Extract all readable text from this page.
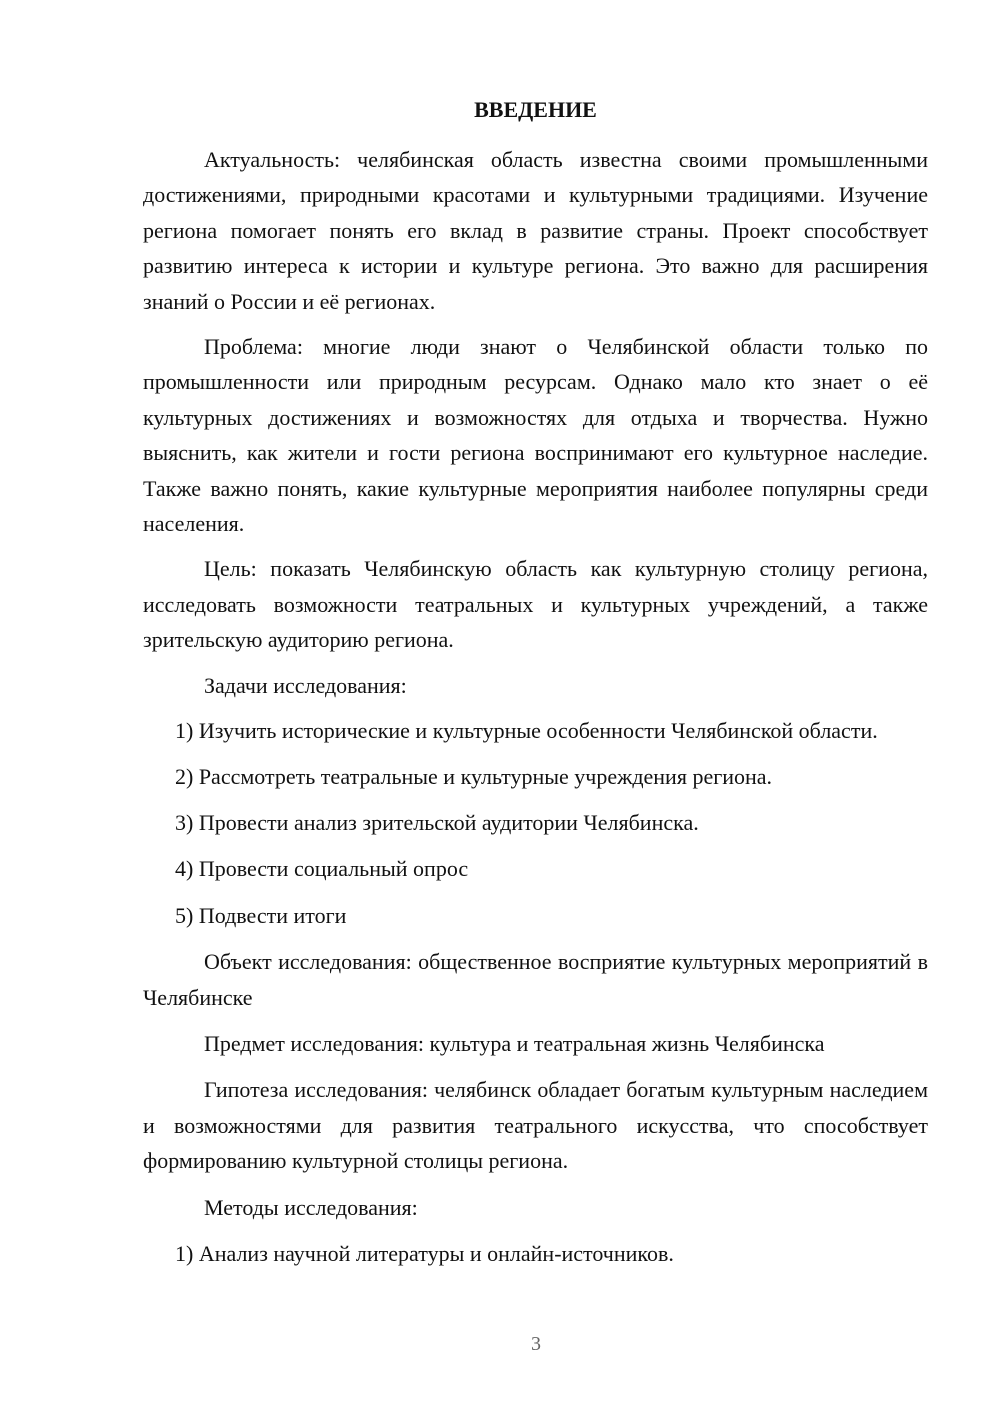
ВВЕДЕНИЕ

Актуальность: челябинская область известна своими промышленными достижениями, природными красотами и культурными традициями. Изучение региона помогает понять его вклад в развитие страны. Проект способствует развитию интереса к истории и культуре региона. Это важно для расширения знаний о России и её регионах.

Проблема: многие люди знают о Челябинской области только по промышленности или природным ресурсам. Однако мало кто знает о её культурных достижениях и возможностях для отдыха и творчества. Нужно выяснить, как жители и гости региона воспринимают его культурное наследие. Также важно понять, какие культурные мероприятия наиболее популярны среди населения.

Цель: показать Челябинскую область как культурную столицу региона, исследовать возможности театральных и культурных учреждений, а также зрительскую аудиторию региона.

Задачи исследования:

1) Изучить исторические и культурные особенности Челябинской области.

2) Рассмотреть театральные и культурные учреждения региона.

3) Провести анализ зрительской аудитории Челябинска.

4) Провести социальный опрос

5) Подвести итоги

Объект исследования: общественное восприятие культурных мероприятий в Челябинске

Предмет исследования: культура и театральная жизнь Челябинска

Гипотеза исследования: челябинск обладает богатым культурным наследием и возможностями для развития театрального искусства, что способствует формированию культурной столицы региона.

Методы исследования:

1) Анализ научной литературы и онлайн-источников.

3
